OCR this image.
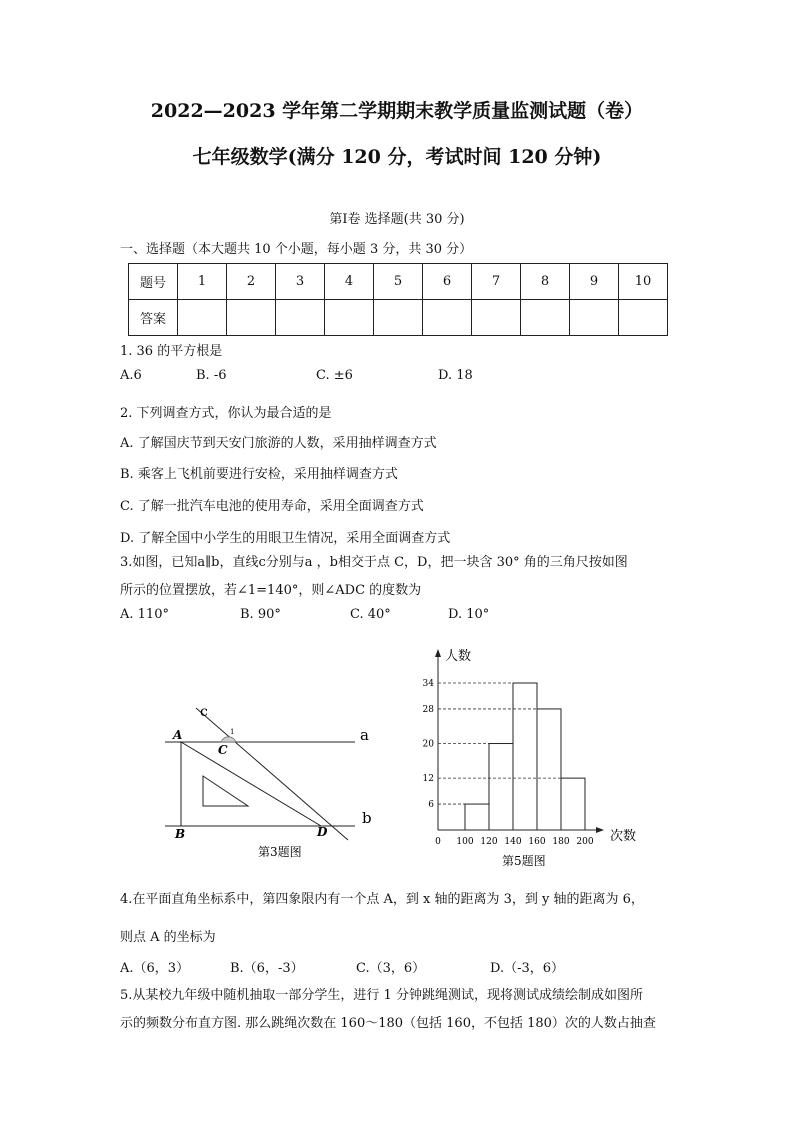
2022—2023 学年第二学期期末教学质量监测试题（卷）
七年级数学(满分 120 分，考试时间 120 分钟)
第Ⅰ卷 选择题(共 30 分)
一、选择题（本大题共 10 个小题，每小题 3 分，共 30 分）
题号	1	2	3	4	5	6	7	8	9	10
答案										
1. 36 的平方根是
A.6	B. -6	C. ±6	D. 18
2. 下列调查方式，你认为最合适的是
A. 了解国庆节到天安门旅游的人数，采用抽样调查方式
B. 乘客上飞机前要进行安检，采用抽样调查方式
C. 了解一批汽车电池的使用寿命，采用全面调查方式
D. 了解全国中小学生的用眼卫生情况，采用全面调查方式
3.如图，已知a∥b，直线c分别与a ，b相交于点 C，D，把一块含 30° 角的三角尺按如图
所示的位置摆放，若∠1=140°，则∠ADC 的度数为
A. 110°	B. 90°	C. 40°	D. 10°
c
1
A
C
a
B	D
b
第3题图
人数
次数
第5题图
6
12
20
28
34
0 100 120 140 160 180 200
4.在平面直角坐标系中，第四象限内有一个点 A，到 x 轴的距离为 3，到 y 轴的距离为 6，
则点 A 的坐标为
A.（6，3）	B.（6，-3）	C.（3，6）	D.（-3，6）
5.从某校九年级中随机抽取一部分学生，进行 1 分钟跳绳测试，现将测试成绩绘制成如图所
示的频数分布直方图. 那么跳绳次数在 160～180（包括 160，不包括 180）次的人数占抽查
